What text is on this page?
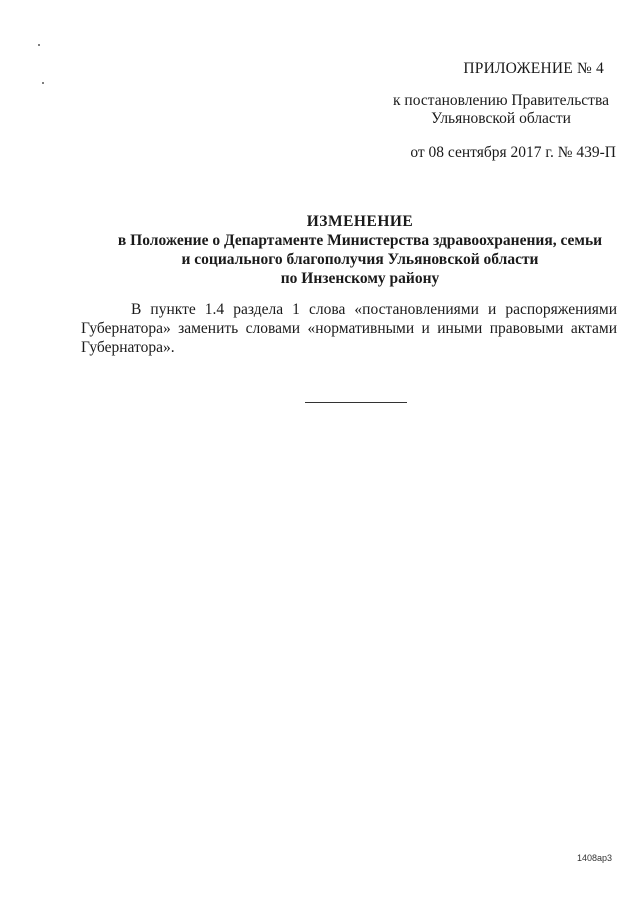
ПРИЛОЖЕНИЕ № 4
к постановлению Правительства
Ульяновской области
от 08 сентября 2017 г. № 439-П
ИЗМЕНЕНИЕ
в Положение о Департаменте Министерства здравоохранения, семьи
и социального благополучия Ульяновской области
по Инзенскому району
В пункте 1.4 раздела 1 слова «постановлениями и распоряжениями Губернатора» заменить словами «нормативными и иными правовыми актами Губернатора».
1408ap3
